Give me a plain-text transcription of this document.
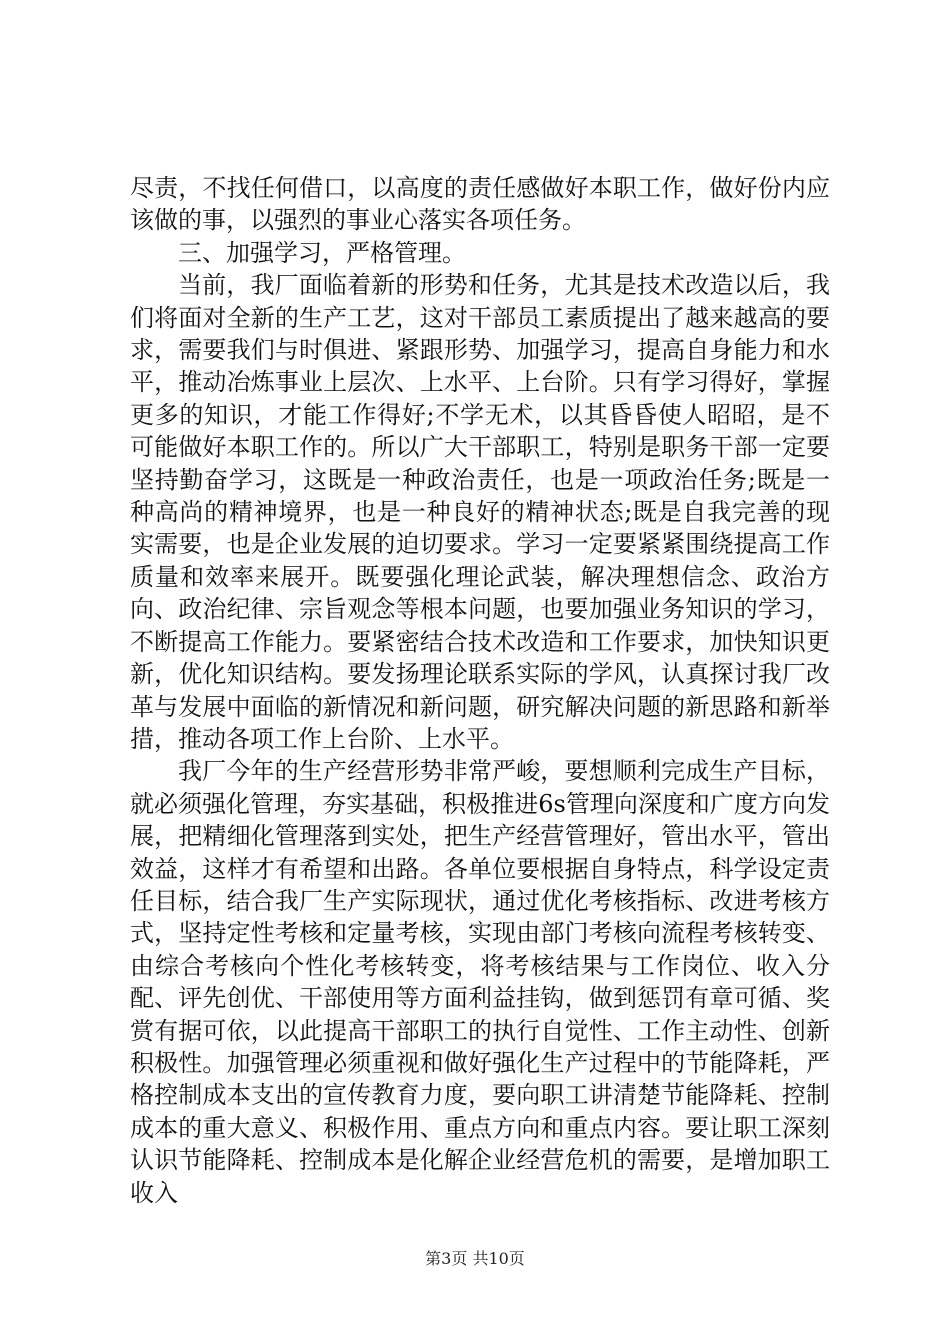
尽责，不找任何借口，以高度的责任感做好本职工作，做好份内应该做的事，以强烈的事业心落实各项任务。

三、加强学习，严格管理。

当前，我厂面临着新的形势和任务，尤其是技术改造以后，我们将面对全新的生产工艺，这对干部员工素质提出了越来越高的要求，需要我们与时俱进、紧跟形势、加强学习，提高自身能力和水平，推动冶炼事业上层次、上水平、上台阶。只有学习得好，掌握更多的知识，才能工作得好;不学无术，以其昏昏使人昭昭，是不可能做好本职工作的。所以广大干部职工，特别是职务干部一定要坚持勤奋学习，这既是一种政治责任，也是一项政治任务;既是一种高尚的精神境界，也是一种良好的精神状态;既是自我完善的现实需要，也是企业发展的迫切要求。学习一定要紧紧围绕提高工作质量和效率来展开。既要强化理论武装，解决理想信念、政治方向、政治纪律、宗旨观念等根本问题，也要加强业务知识的学习，不断提高工作能力。要紧密结合技术改造和工作要求，加快知识更新，优化知识结构。要发扬理论联系实际的学风，认真探讨我厂改革与发展中面临的新情况和新问题，研究解决问题的新思路和新举措，推动各项工作上台阶、上水平。

我厂今年的生产经营形势非常严峻，要想顺利完成生产目标，就必须强化管理，夯实基础，积极推进6s管理向深度和广度方向发展，把精细化管理落到实处，把生产经营管理好，管出水平，管出效益，这样才有希望和出路。各单位要根据自身特点，科学设定责任目标，结合我厂生产实际现状，通过优化考核指标、改进考核方式，坚持定性考核和定量考核，实现由部门考核向流程考核转变、由综合考核向个性化考核转变，将考核结果与工作岗位、收入分配、评先创优、干部使用等方面利益挂钩，做到惩罚有章可循、奖赏有据可依，以此提高干部职工的执行自觉性、工作主动性、创新积极性。加强管理必须重视和做好强化生产过程中的节能降耗，严格控制成本支出的宣传教育力度，要向职工讲清楚节能降耗、控制成本的重大意义、积极作用、重点方向和重点内容。要让职工深刻认识节能降耗、控制成本是化解企业经营危机的需要，是增加职工收入

第3页 共10页
